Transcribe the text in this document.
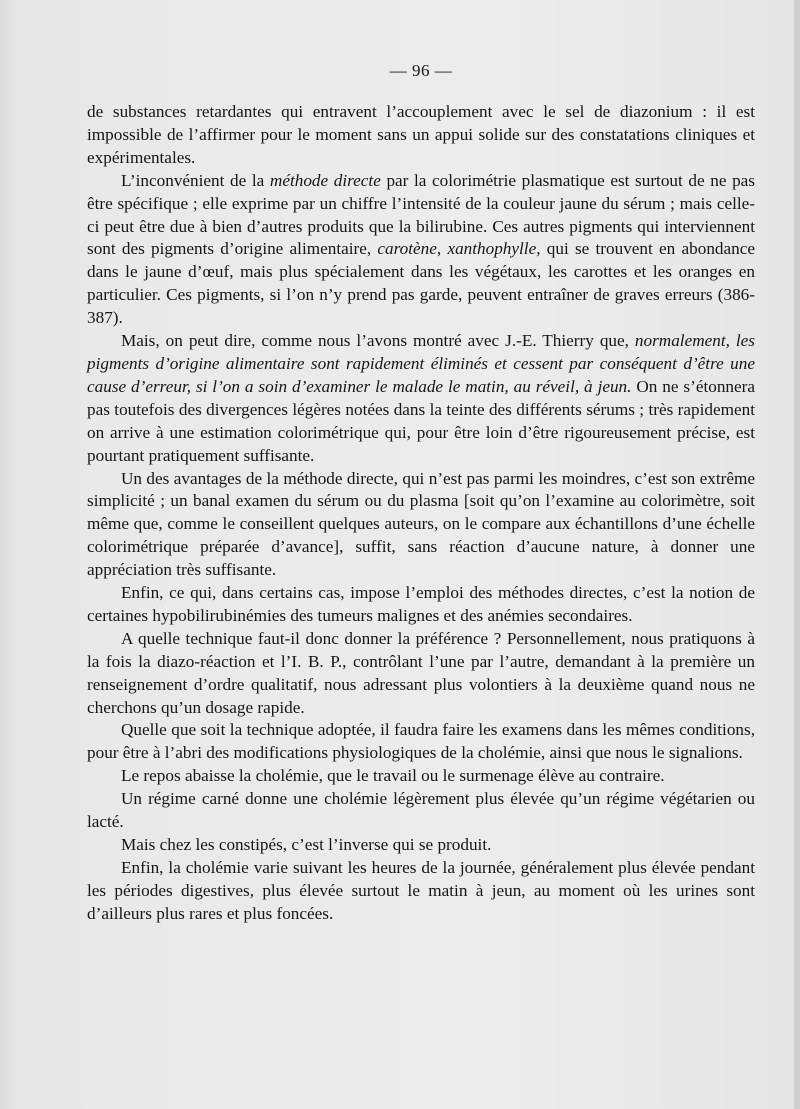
— 96 —

de substances retardantes qui entravent l’accouplement avec le sel de diazonium : il est impossible de l’affirmer pour le moment sans un appui solide sur des constatations cliniques et expérimentales.

L’inconvénient de la méthode directe par la colorimétrie plasmatique est surtout de ne pas être spécifique ; elle exprime par un chiffre l’intensité de la couleur jaune du sérum ; mais celle-ci peut être due à bien d’autres produits que la bilirubine. Ces autres pigments qui interviennent sont des pigments d’origine alimentaire, carotène, xanthophylle, qui se trouvent en abondance dans le jaune d’œuf, mais plus spécialement dans les végétaux, les carottes et les oranges en particulier. Ces pigments, si l’on n’y prend pas garde, peuvent entraîner de graves erreurs (386-387).

Mais, on peut dire, comme nous l’avons montré avec J.-E. Thierry que, normalement, les pigments d’origine alimentaire sont rapidement éliminés et cessent par conséquent d’être une cause d’erreur, si l’on a soin d’examiner le malade le matin, au réveil, à jeun. On ne s’étonnera pas toutefois des divergences légères notées dans la teinte des différents sérums ; très rapidement on arrive à une estimation colorimétrique qui, pour être loin d’être rigoureusement précise, est pourtant pratiquement suffisante.

Un des avantages de la méthode directe, qui n’est pas parmi les moindres, c’est son extrême simplicité ; un banal examen du sérum ou du plasma [soit qu’on l’examine au colorimètre, soit même que, comme le conseillent quelques auteurs, on le compare aux échantillons d’une échelle colorimétrique préparée d’avance], suffit, sans réaction d’aucune nature, à donner une appréciation très suffisante.

Enfin, ce qui, dans certains cas, impose l’emploi des méthodes directes, c’est la notion de certaines hypobilirubinémies des tumeurs malignes et des anémies secondaires.

A quelle technique faut-il donc donner la préférence ? Personnellement, nous pratiquons à la fois la diazo-réaction et l’I. B. P., contrôlant l’une par l’autre, demandant à la première un renseignement d’ordre qualitatif, nous adressant plus volontiers à la deuxième quand nous ne cherchons qu’un dosage rapide.

Quelle que soit la technique adoptée, il faudra faire les examens dans les mêmes conditions, pour être à l’abri des modifications physiologiques de la cholémie, ainsi que nous le signalions.

Le repos abaisse la cholémie, que le travail ou le surmenage élève au contraire.

Un régime carné donne une cholémie légèrement plus élevée qu’un régime végétarien ou lacté.

Mais chez les constipés, c’est l’inverse qui se produit.

Enfin, la cholémie varie suivant les heures de la journée, généralement plus élevée pendant les périodes digestives, plus élevée surtout le matin à jeun, au moment où les urines sont d’ailleurs plus rares et plus foncées.
